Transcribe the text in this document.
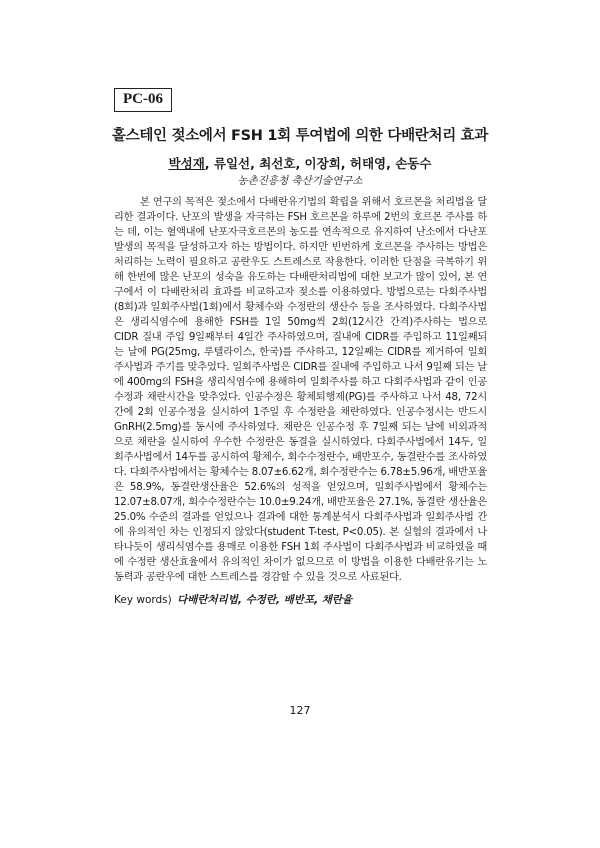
PC-06
홀스테인 젖소에서 FSH 1회 투여법에 의한 다배란처리 효과
박성재, 류일선, 최선호, 이장희, 허태영, 손동수
농촌진흥청 축산기술연구소

본 연구의 목적은 젖소에서 다배란유기법의 확립을 위해서 호르몬을 처리법을 달리한 결과이다. 난포의 발생을 자극하는 FSH 호르몬을 하루에 2번의 호르몬 주사를 하는 데, 이는 혈액내에 난포자극호르몬의 농도를 연속적으로 유지하여 난소에서 다난포 발생의 목적을 달성하고자 하는 방법이다. 하지만 빈번하게 호르몬을 주사하는 방법은 처리하는 노력이 필요하고 공란우도 스트레스로 작용한다. 이러한 단점을 극복하기 위해 한번에 많은 난포의 성숙을 유도하는 다배란처리법에 대한 보고가 많이 있어, 본 연구에서 이 다배란처리 효과를 비교하고자 젖소를 이용하였다. 방법으로는 다회주사법(8회)과 일회주사법(1회)에서 황체수와 수정란의 생산수 등을 조사하였다. 다회주사법은 생리식염수에 용해한 FSH를 1일 50mg씩 2회(12시간 간격)주사하는 법으로 CIDR 질내 주입 9일째부터 4일간 주사하였으며, 질내에 CIDR를 주입하고 11일째되는 날에 PG(25mg, 루텔라이스, 한국)를 주사하고, 12일째는 CIDR를 제거하여 일회주사법과 주기를 맞추었다. 일회주사법은 CIDR를 질내에 주입하고 나서 9일째 되는 날에 400mg의 FSH을 생리식염수에 용해하여 일회주사를 하고 다회주사법과 같이 인공수정과 채란시간을 맞추었다. 인공수정은 황체퇴행제(PG)를 주사하고 나서 48, 72시간에 2회 인공수정을 실시하여 1주일 후 수정란을 채란하였다. 인공수정시는 반드시 GnRH(2.5mg)를 동시에 주사하였다. 채란은 인공수정 후 7일째 되는 날에 비외과적으로 채란을 실시하여 우수한 수정란은 동결을 실시하였다. 다회주사법에서 14두, 일회주사법에서 14두를 공시하여 황체수, 회수수정란수, 배반포수, 동결란수를 조사하였다. 다회주사법에서는 황체수는 8.07±6.62개, 회수정란수는 6.78±5.96개, 배반포율은 58.9%, 동결란생산율은 52.6%의 성적을 얻었으며, 일회주사법에서 황체수는 12.07±8.07개, 회수수정란수는 10.0±9.24개, 배반포율은 27.1%, 동결란 생산율은 25.0% 수준의 결과를 얻었으나 결과에 대한 통계분석시 다회주사법과 일회주사법 간에 유의적인 차는 인정되지 않았다(student T-test, P<0.05). 본 실험의 결과에서 나타나듯이 생리식염수를 용매로 이용한 FSH 1회 주사법이 다회주사법과 비교하였을 때에 수정란 생산효율에서 유의적인 차이가 없으므로 이 방법을 이용한 다배란유기는 노동력과 공란우에 대한 스트레스를 경감할 수 있을 것으로 사료된다.

Key words) 다배란처리법, 수정란, 배반포, 채란율
127
